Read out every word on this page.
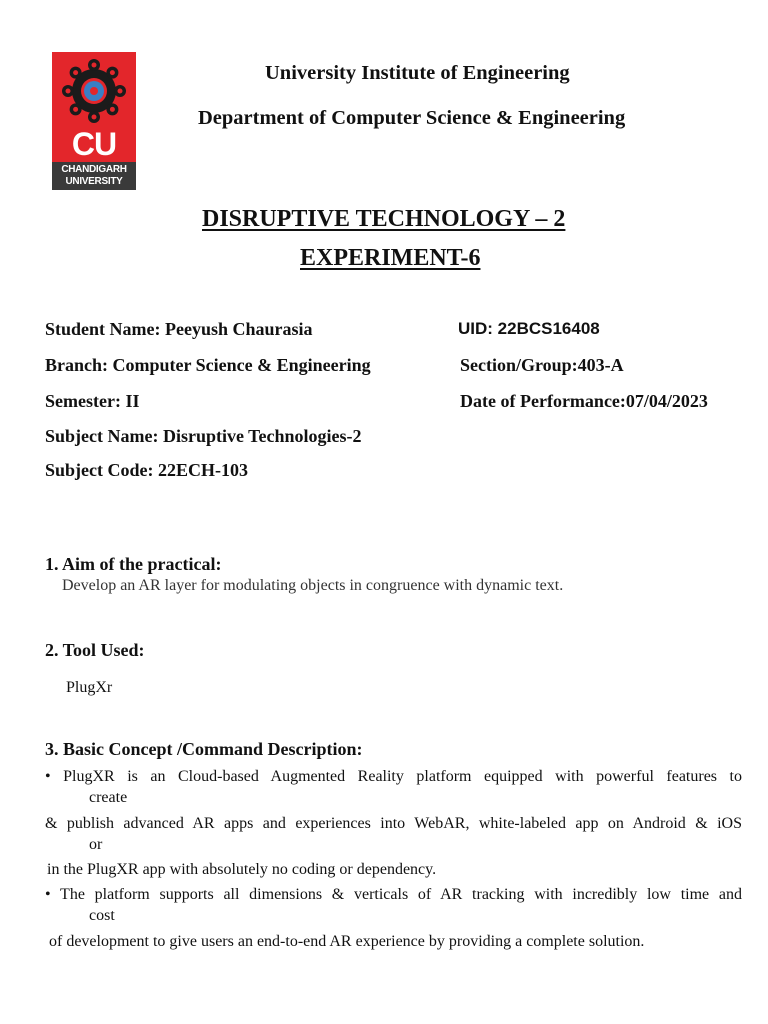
CU
CHANDIGARH
UNIVERSITY
University Institute of Engineering
Department of Computer Science & Engineering
DISRUPTIVE TECHNOLOGY – 2
EXPERIMENT-6
Student Name: Peeyush Chaurasia	UID: 22BCS16408
Branch: Computer Science & Engineering	Section/Group:403-A
Semester: II	Date of Performance:07/04/2023
Subject Name: Disruptive Technologies-2
Subject Code: 22ECH-103
1. Aim of the practical:
Develop an AR layer for modulating objects in congruence with dynamic text.
2. Tool Used:
PlugXr
3. Basic Concept /Command Description:
• PlugXR is an Cloud-based Augmented Reality platform equipped with powerful features to
create
& publish advanced AR apps and experiences into WebAR, white-labeled app on Android & iOS
or
in the PlugXR app with absolutely no coding or dependency.
• The platform supports all dimensions & verticals of AR tracking with incredibly low time and
cost
of development to give users an end-to-end AR experience by providing a complete solution.
